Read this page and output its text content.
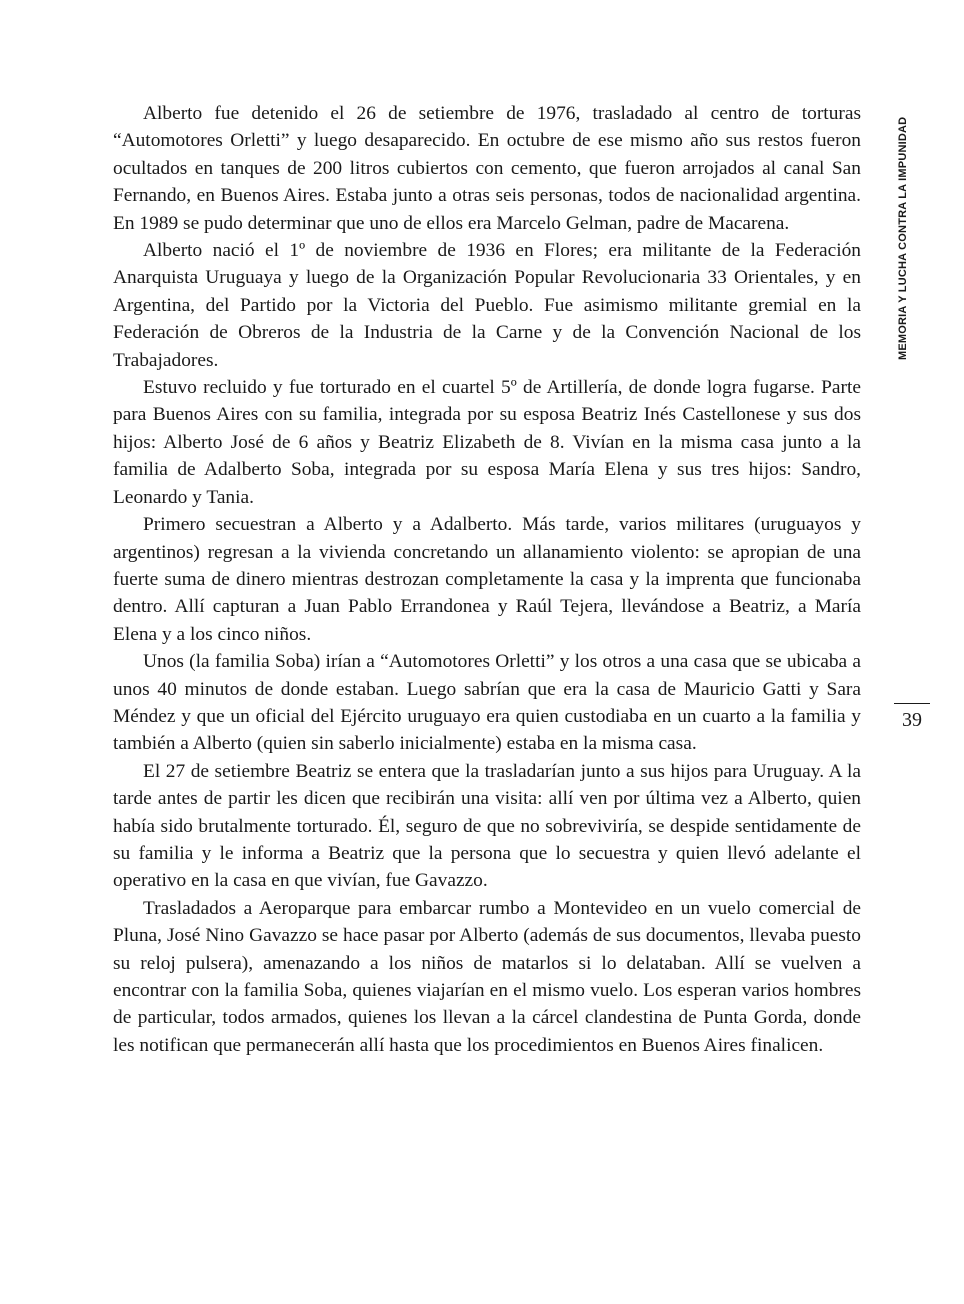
Alberto fue detenido el 26 de setiembre de 1976, trasladado al centro de torturas “Automotores Orletti” y luego desaparecido. En octubre de ese mismo año sus restos fueron ocultados en tanques de 200 litros cubiertos con cemento, que fueron arrojados al canal San Fernando, en Buenos Aires. Estaba junto a otras seis personas, todos de nacionalidad argentina. En 1989 se pudo determinar que uno de ellos era Marcelo Gelman, padre de Macarena.

Alberto nació el 1º de noviembre de 1936 en Flores; era militante de la Federación Anarquista Uruguaya y luego de la Organización Popular Revolucionaria 33 Orientales, y en Argentina, del Partido por la Victoria del Pueblo. Fue asimismo militante gremial en la Federación de Obreros de la Industria de la Carne y de la Convención Nacional de los Trabajadores.

Estuvo recluido y fue torturado en el cuartel 5º de Artillería, de donde logra fugarse. Parte para Buenos Aires con su familia, integrada por su esposa Beatriz Inés Castellonese y sus dos hijos: Alberto José de 6 años y Beatriz Elizabeth de 8. Vivían en la misma casa junto a la familia de Adalberto Soba, integrada por su esposa María Elena y sus tres hijos: Sandro, Leonardo y Tania.

Primero secuestran a Alberto y a Adalberto. Más tarde, varios militares (uruguayos y argentinos) regresan a la vivienda concretando un allanamiento violento: se apropian de una fuerte suma de dinero mientras destrozan completamente la casa y la imprenta que funcionaba dentro. Allí capturan a Juan Pablo Errandonea y Raúl Tejera, llevándose a Beatriz, a María Elena y a los cinco niños.

Unos (la familia Soba) irían a “Automotores Orletti” y los otros a una casa que se ubicaba a unos 40 minutos de donde estaban. Luego sabrían que era la casa de Mauricio Gatti y Sara Méndez y que un oficial del Ejército uruguayo era quien custodiaba en un cuarto a la familia y también a Alberto (quien sin saberlo inicialmente) estaba en la misma casa.

El 27 de setiembre Beatriz se entera que la trasladarían junto a sus hijos para Uruguay. A la tarde antes de partir les dicen que recibirán una visita: allí ven por última vez a Alberto, quien había sido brutalmente torturado. Él, seguro de que no sobreviviría, se despide sentidamente de su familia y le informa a Beatriz que la persona que lo secuestra y quien llevó adelante el operativo en la casa en que vivían, fue Gavazzo.

Trasladados a Aeroparque para embarcar rumbo a Montevideo en un vuelo comercial de Pluna, José Nino Gavazzo se hace pasar por Alberto (además de sus documentos, llevaba puesto su reloj pulsera), amenazando a los niños de matarlos si lo delataban. Allí se vuelven a encontrar con la familia Soba, quienes viajarían en el mismo vuelo. Los esperan varios hombres de particular, todos armados, quienes los llevan a la cárcel clandestina de Punta Gorda, donde les notifican que permanecerán allí hasta que los procedimientos en Buenos Aires finalicen.

MEMORIA Y LUCHA CONTRA LA IMPUNIDAD
39
